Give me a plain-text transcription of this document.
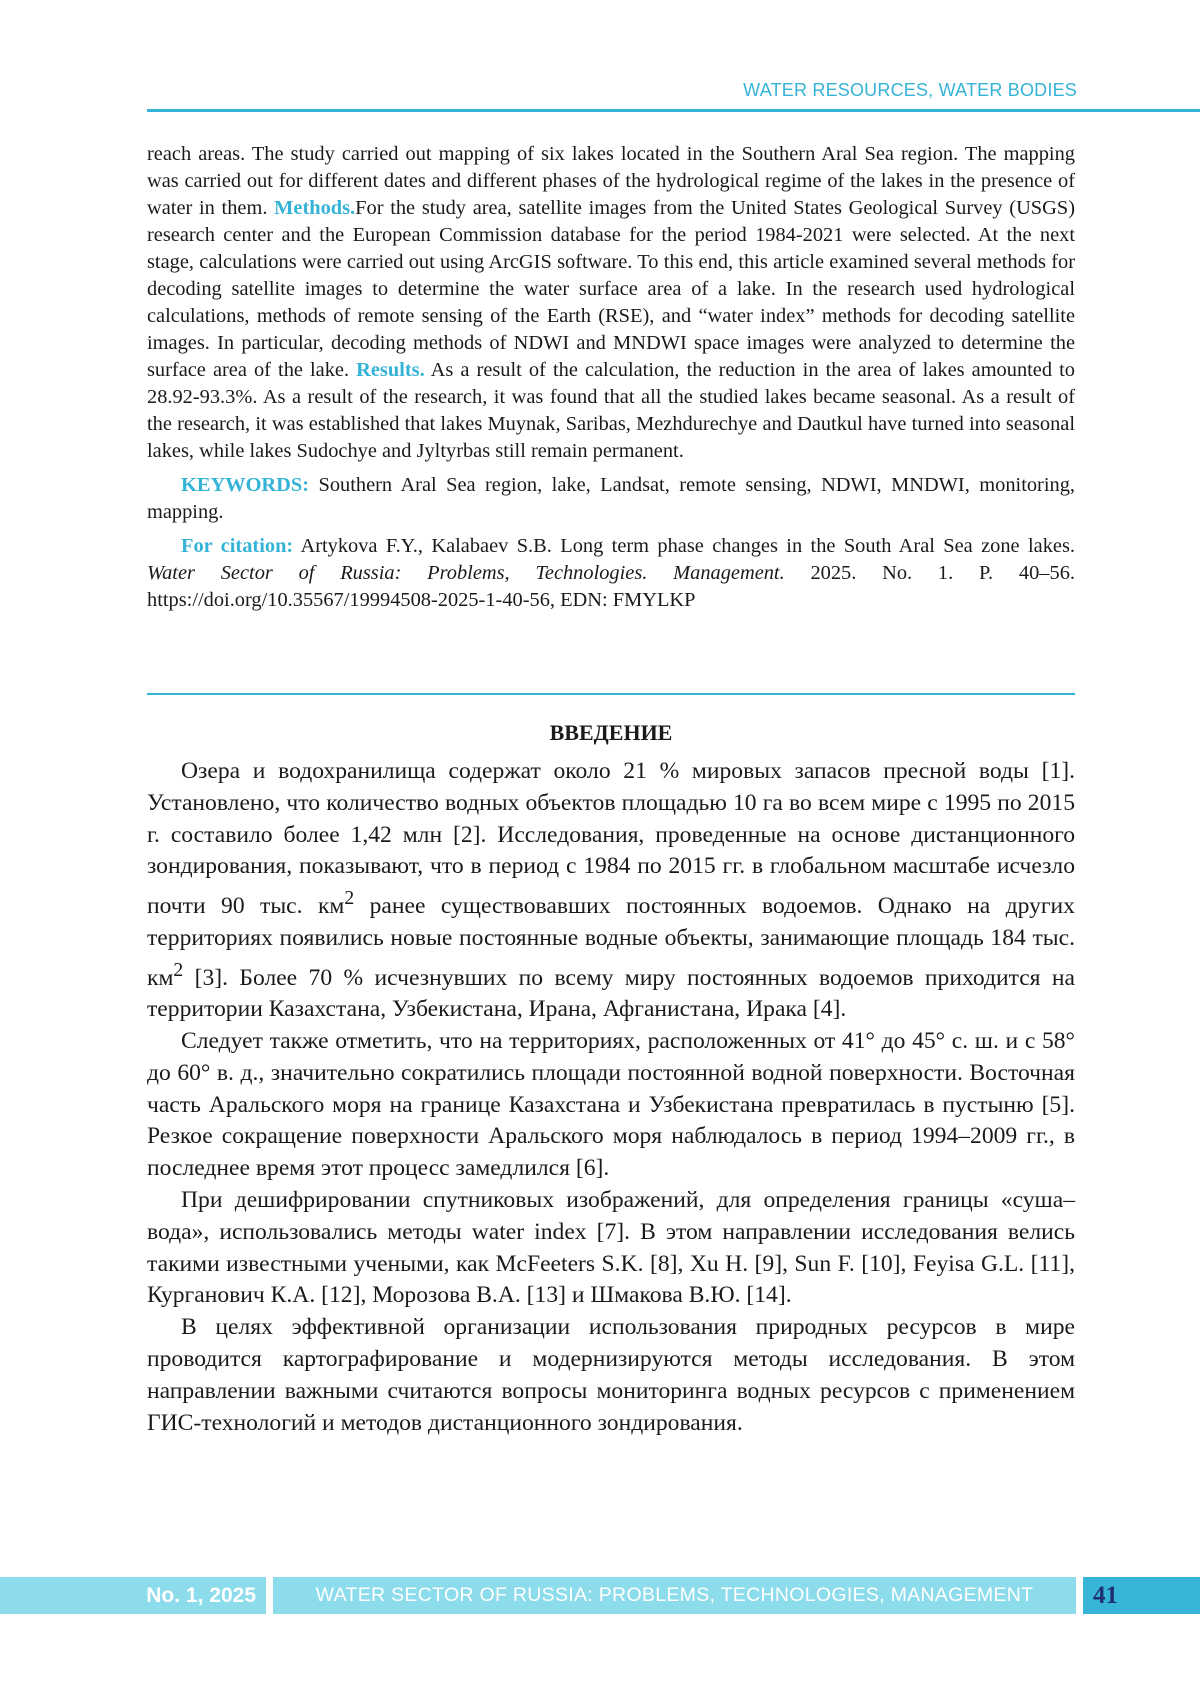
WATER RESOURCES, WATER BODIES

reach areas. The study carried out mapping of six lakes located in the Southern Aral Sea region. The mapping was carried out for different dates and different phases of the hydrological regime of the lakes in the presence of water in them. Methods.For the study area, satellite images from the United States Geological Survey (USGS) research center and the European Commission database for the period 1984-2021 were selected. At the next stage, calculations were carried out using ArcGIS software. To this end, this article examined several methods for decoding satellite images to determine the water surface area of a lake. In the research used hydrological calculations, methods of remote sensing of the Earth (RSE), and “water index” methods for decoding satellite images. In particular, decoding methods of NDWI and MNDWI space images were analyzed to determine the surface area of the lake. Results. As a result of the calculation, the reduction in the area of lakes amounted to 28.92-93.3%. As a result of the research, it was found that all the studied lakes became seasonal. As a result of the research, it was established that lakes Muynak, Saribas, Mezhdurechye and Dautkul have turned into seasonal lakes, while lakes Sudochye and Jyltyrbas still remain permanent.

KEYWORDS: Southern Aral Sea region, lake, Landsat, remote sensing, NDWI, MNDWI, monitoring, mapping.

For citation: Artykova F.Y., Kalabaev S.B. Long term phase changes in the South Aral Sea zone lakes. Water Sector of Russia: Problems, Technologies. Management. 2025. No. 1. P. 40–56. https://doi.org/10.35567/19994508-2025-1-40-56, EDN: FMYLKP

ВВЕДЕНИЕ

Озера и водохранилища содержат около 21 % мировых запасов пресной воды [1]. Установлено, что количество водных объектов площадью 10 га во всем мире с 1995 по 2015 г. составило более 1,42 млн [2]. Исследования, проведенные на основе дистанционного зондирования, показывают, что в период с 1984 по 2015 гг. в глобальном масштабе исчезло почти 90 тыс. $км^2$ ранее существовавших постоянных водоемов. Однако на других территориях появились новые постоянные водные объекты, занимающие площадь 184 тыс. $км^2$ [3]. Более 70 % исчезнувших по всему миру постоянных водоемов приходится на территории Казахстана, Узбекистана, Ирана, Афганистана, Ирака [4].

Следует также отметить, что на территориях, расположенных от 41° до 45° с. ш. и с 58° до 60° в. д., значительно сократились площади постоянной водной поверхности. Восточная часть Аральского моря на границе Казахстана и Узбекистана превратилась в пустыню [5]. Резкое сокращение поверхности Аральского моря наблюдалось в период 1994–2009 гг., в последнее время этот процесс замедлился [6].

При дешифрировании спутниковых изображений, для определения границы «суша–вода», использовались методы water index [7]. В этом направлении исследования велись такими известными учеными, как McFeeters S.K. [8], Xu H. [9], Sun F. [10], Feyisa G.L. [11], Курганович К.А. [12], Морозова В.А. [13] и Шмакова В.Ю. [14].

В целях эффективной организации использования природных ресурсов в мире проводится картографирование и модернизируются методы исследования. В этом направлении важными считаются вопросы мониторинга водных ресурсов с применением ГИС-технологий и методов дистанционного зондирования.

No. 1, 2025	WATER SECTOR OF RUSSIA: PROBLEMS, TECHNOLOGIES, MANAGEMENT	41
